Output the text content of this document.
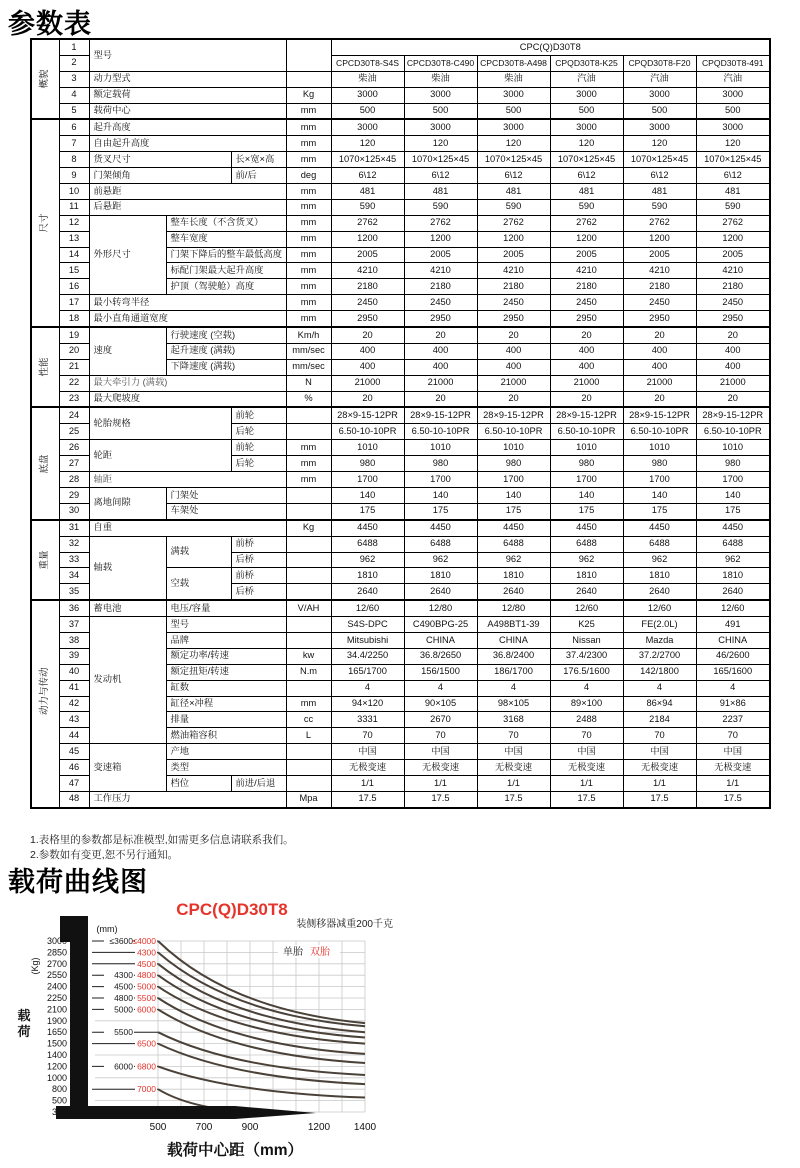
参数表
概貌	1	型号				CPC(Q)D30T8					
	2					CPCD30T8-S4S	CPCD30T8-C490	CPCD30T8-A498	CPQD30T8-K25	CPQD30T8-F20	CPQD30T8-491
	3	动力型式				柴油	柴油	柴油	汽油	汽油	汽油
	4	额定载荷			Kg	3000	3000	3000	3000	3000	3000
	5	载荷中心			mm	500	500	500	500	500	500

尺寸	6	起升高度			mm	3000	3000	3000	3000	3000	3000
	7	自由起升高度			mm	120	120	120	120	120	120
	8	货叉尺寸		长×宽×高	mm	1070×125×45	1070×125×45	1070×125×45	1070×125×45	1070×125×45	1070×125×45
	9	门架倾角		前/后	deg	6\12	6\12	6\12	6\12	6\12	6\12
	10	前悬距			mm	481	481	481	481	481	481
	11	后悬距			mm	590	590	590	590	590	590
	12	外形尺寸	整车长度（不含货叉）		mm	2762	2762	2762	2762	2762	2762
	13		整车宽度		mm	1200	1200	1200	1200	1200	1200
	14		门架下降后的整车最低高度		mm	2005	2005	2005	2005	2005	2005
	15		标配门架最大起升高度		mm	4210	4210	4210	4210	4210	4210
	16		护顶（驾驶舱）高度		mm	2180	2180	2180	2180	2180	2180
	17	最小转弯半径			mm	2450	2450	2450	2450	2450	2450
	18	最小直角通道宽度			mm	2950	2950	2950	2950	2950	2950

性能	19	速度	行驶速度 (空载)		Km/h	20	20	20	20	20	20
	20		起升速度 (满载)		mm/sec	400	400	400	400	400	400
	21		下降速度 (满载)		mm/sec	400	400	400	400	400	400
	22	最大牵引力 (满载)			N	21000	21000	21000	21000	21000	21000
	23	最大爬坡度			%	20	20	20	20	20	20

底盘	24	轮胎规格		前轮		28×9-15-12PR	28×9-15-12PR	28×9-15-12PR	28×9-15-12PR	28×9-15-12PR	28×9-15-12PR
	25			后轮		6.50-10-10PR	6.50-10-10PR	6.50-10-10PR	6.50-10-10PR	6.50-10-10PR	6.50-10-10PR
	26	轮距		前轮	mm	1010	1010	1010	1010	1010	1010
	27			后轮	mm	980	980	980	980	980	980
	28	轴距			mm	1700	1700	1700	1700	1700	1700
	29	离地间隙	门架处			140	140	140	140	140	140
	30		车架处			175	175	175	175	175	175

重量	31	自重			Kg	4450	4450	4450	4450	4450	4450
	32	轴载	满载	前桥		6488	6488	6488	6488	6488	6488
	33			后桥		962	962	962	962	962	962
	34		空载	前桥		1810	1810	1810	1810	1810	1810
	35			后桥		2640	2640	2640	2640	2640	2640

动力与传动	36	蓄电池	电压/容量		V/AH	12/60	12/80	12/80	12/60	12/60	12/60
	37	发动机	型号			S4S-DPC	C490BPG-25	A498BT1-39	K25	FE(2.0L)	491
	38		品牌			Mitsubishi	CHINA	CHINA	Nissan	Mazda	CHINA
	39		额定功率/转速		kw	34.4/2250	36.8/2650	36.8/2400	37.4/2300	37.2/2700	46/2600
	40		额定扭矩/转速		N.m	165/1700	156/1500	186/1700	176.5/1600	142/1800	165/1600
	41		缸数			4	4	4	4	4	4
	42		缸径×冲程		mm	94×120	90×105	98×105	89×100	86×94	91×86
	43		排量		cc	3331	2670	3168	2488	2184	2237
	44		燃油箱容积		L	70	70	70	70	70	70
	45	变速箱	产地			中国	中国	中国	中国	中国	中国
	46		类型			无极变速	无极变速	无极变速	无极变速	无极变速	无极变速
	47		档位	前进/后退		1/1	1/1	1/1	1/1	1/1	1/1
	48	工作压力			Mpa	17.5	17.5	17.5	17.5	17.5	17.5
1.表格里的参数都是标准模型,如需更多信息请联系我们。
2.参数如有变更,恕不另行通知。
载荷曲线图
≤3600 ≤4000
4300
4500
4300 4800
4500 5000
4800 5500
5000 6000
5500
6500
6000 6800
7000
3000
2850
2700
2550
2400
2250
2100
1900
1650
1500
1400
1200
1000
800
500
300
500	700	900	1200 1400
(mm)
(Kg)
载
荷
载荷中心距（mm）
CPC(Q)D30T8
装侧移器减重200千克
单胎 双胎
